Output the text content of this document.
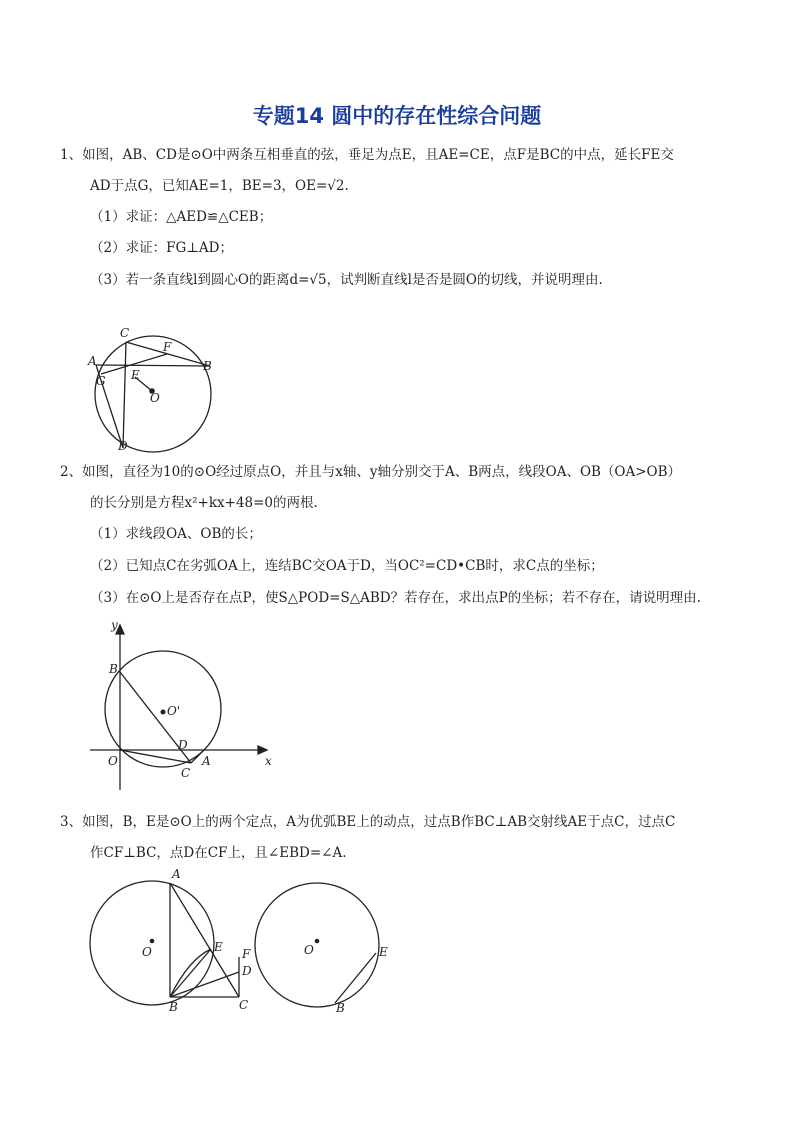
专题14 圆中的存在性综合问题
1、如图，AB、CD是⊙O中两条互相垂直的弦，垂足为点E，且AE=CE，点F是BC的中点，延长FE交
AD于点G，已知AE=1，BE=3，OE=√2.
（1）求证：△AED≌△CEB；
（2）求证：FG⊥AD；
（3）若一条直线l到圆心O的距离d=√5，试判断直线l是否是圆O的切线，并说明理由.
C
F
A	B
G E
O
D
2、如图，直径为10的⊙O经过原点O，并且与x轴、y轴分别交于A、B两点，线段OA、OB（OA>OB）
的长分别是方程x²+kx+48=0的两根.
（1）求线段OA、OB的长；
（2）已知点C在劣弧OA上，连结BC交OA于D，当OC²=CD•CB时，求C点的坐标；
（3）在⊙O上是否存在点P，使S△POD=S△ABD？若存在，求出点P的坐标；若不存在，请说明理由.
y
B
O'
D
O
C
A	x
3、如图，B，E是⊙O上的两个定点，A为优弧BE上的动点，过点B作BC⊥AB交射线AE于点C，过点C
作CF⊥BC，点D在CF上，且∠EBD=∠A.
A
O	E F
D
B	C
O	E
B
